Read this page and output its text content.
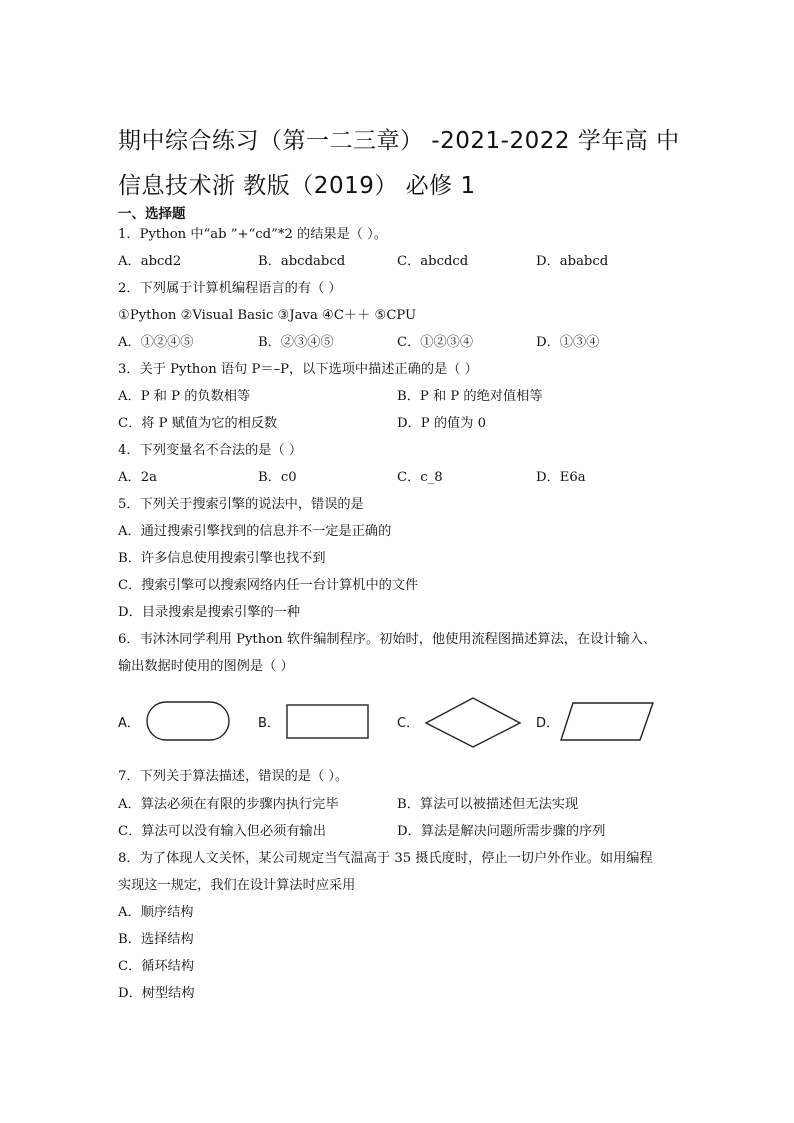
期中综合练习（第一二三章） -2021-2022 学年高 中
信息技术浙 教版（2019） 必修 1
一、选择题
1．Python 中“ab ”+“cd”*2 的结果是（ ）。
A．abcd2	B．abcdabcd	C．abcdcd	D．ababcd
2．下列属于计算机编程语言的有（ ）
①Python ②Visual Basic ③Java ④C＋＋ ⑤CPU
A．①②④⑤	B．②③④⑤	C．①②③④	D．①③④
3．关于 Python 语句 P＝–P，以下选项中描述正确的是（ ）
A．P 和 P 的负数相等	B．P 和 P 的绝对值相等
C．将 P 赋值为它的相反数	D．P 的值为 0
4．下列变量名不合法的是（ ）
A．2a	B．c0	C．c_8	D．E6a
5．下列关于搜索引擎的说法中，错误的是
A．通过搜索引擎找到的信息并不一定是正确的
B．许多信息使用搜索引擎也找不到
C．搜索引擎可以搜索网络内任一台计算机中的文件
D．目录搜索是搜索引擎的一种
6．韦沐沐同学利用 Python 软件编制程序。初始时，他使用流程图描述算法，在设计输入、
输出数据时使用的图例是（ ）
A．	B．	C．	D．
7．下列关于算法描述，错误的是（ ）。
A．算法必须在有限的步骤内执行完毕	B．算法可以被描述但无法实现
C．算法可以没有输入但必须有输出	D．算法是解决问题所需步骤的序列
8．为了体现人文关怀，某公司规定当气温高于 35 摄氏度时，停止一切户外作业。如用编程
实现这一规定，我们在设计算法时应采用
A．顺序结构
B．选择结构
C．循环结构
D．树型结构
